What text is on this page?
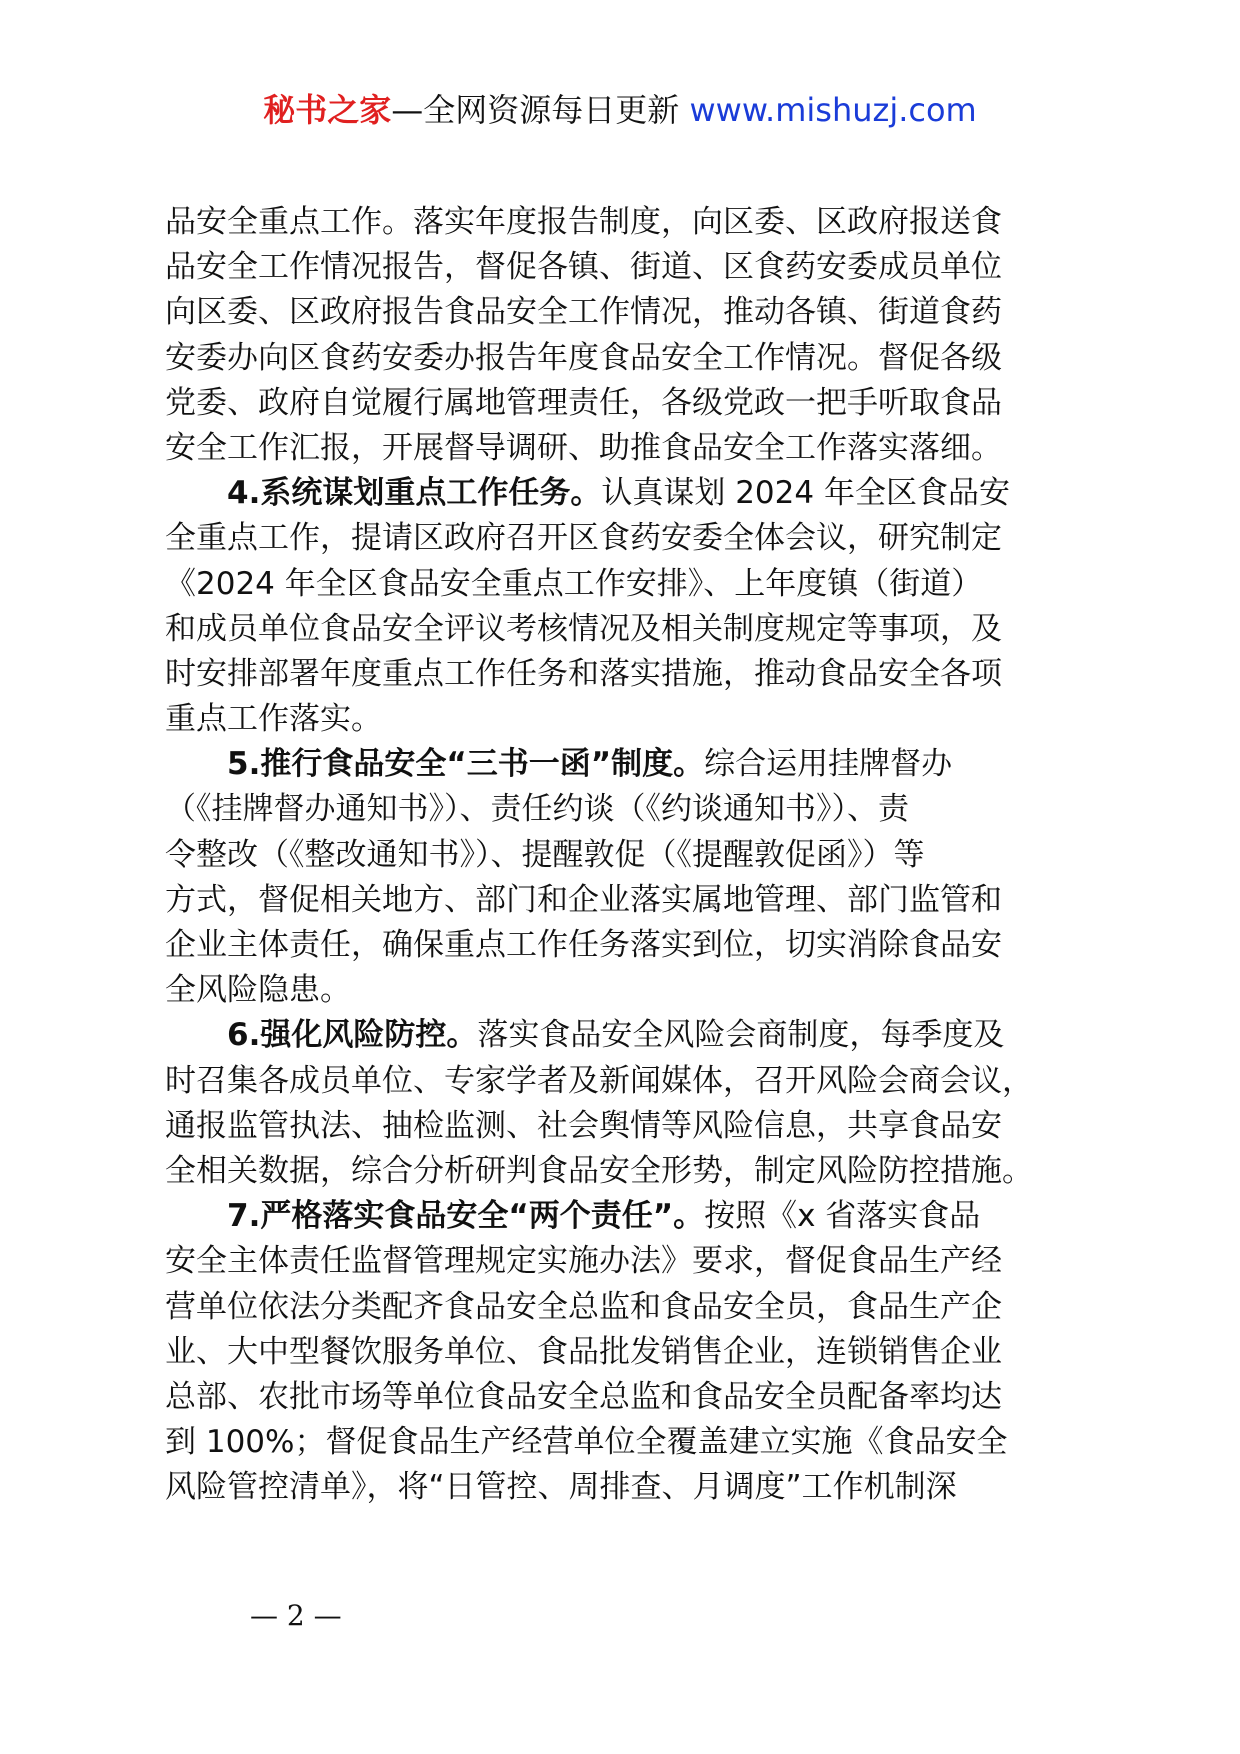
秘书之家—全网资源每日更新 www.mishuzj.com
品安全重点工作。落实年度报告制度，向区委、区政府报送食
品安全工作情况报告，督促各镇、街道、区食药安委成员单位
向区委、区政府报告食品安全工作情况，推动各镇、街道食药
安委办向区食药安委办报告年度食品安全工作情况。督促各级
党委、政府自觉履行属地管理责任，各级党政一把手听取食品
安全工作汇报，开展督导调研、助推食品安全工作落实落细。
4.系统谋划重点工作任务。认真谋划 2024 年全区食品安
全重点工作，提请区政府召开区食药安委全体会议，研究制定
《2024 年全区食品安全重点工作安排》、上年度镇（街道）
和成员单位食品安全评议考核情况及相关制度规定等事项，及
时安排部署年度重点工作任务和落实措施，推动食品安全各项
重点工作落实。
5.推行食品安全“三书一函”制度。综合运用挂牌督办
（《挂牌督办通知书》）、责任约谈（《约谈通知书》）、责
令整改（《整改通知书》）、提醒敦促（《提醒敦促函》）等
方式，督促相关地方、部门和企业落实属地管理、部门监管和
企业主体责任，确保重点工作任务落实到位，切实消除食品安
全风险隐患。
6.强化风险防控。落实食品安全风险会商制度，每季度及
时召集各成员单位、专家学者及新闻媒体，召开风险会商会议，
通报监管执法、抽检监测、社会舆情等风险信息，共享食品安
全相关数据，综合分析研判食品安全形势，制定风险防控措施。
7.严格落实食品安全“两个责任”。按照《x 省落实食品
安全主体责任监督管理规定实施办法》要求，督促食品生产经
营单位依法分类配齐食品安全总监和食品安全员，食品生产企
业、大中型餐饮服务单位、食品批发销售企业，连锁销售企业
总部、农批市场等单位食品安全总监和食品安全员配备率均达
到 100%；督促食品生产经营单位全覆盖建立实施《食品安全
风险管控清单》，将“日管控、周排查、月调度”工作机制深
— 2 —
